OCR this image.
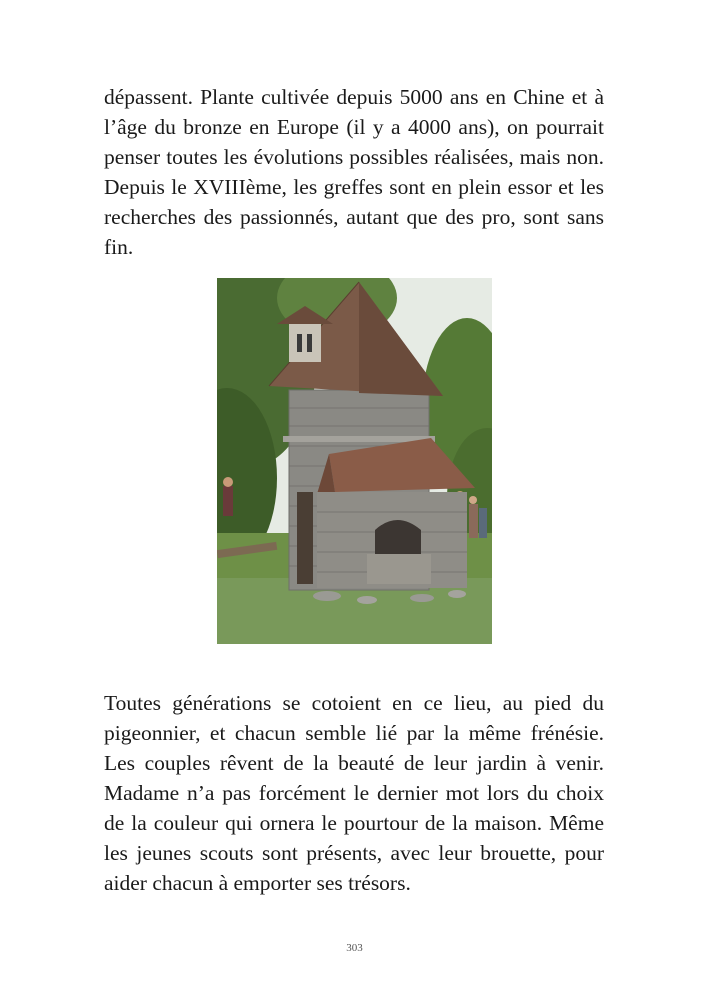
dépassent. Plante cultivée depuis 5000 ans en Chine et à l’âge du bronze en Europe (il y a 4000 ans), on pourrait penser toutes les évolutions possibles réalisées, mais non. Depuis le XVIIIème, les greffes sont en plein essor et les recherches des passionnés, autant que des pro, sont sans fin.

Toutes générations se cotoient en ce lieu, au pied du pigeonnier, et chacun semble lié par la même frénésie. Les couples rêvent de la beauté de leur jardin à venir. Madame n’a pas forcément le dernier mot lors du choix de la couleur qui ornera le pourtour de la maison. Même les jeunes scouts sont présents, avec leur brouette, pour aider chacun à emporter ses trésors.

303
